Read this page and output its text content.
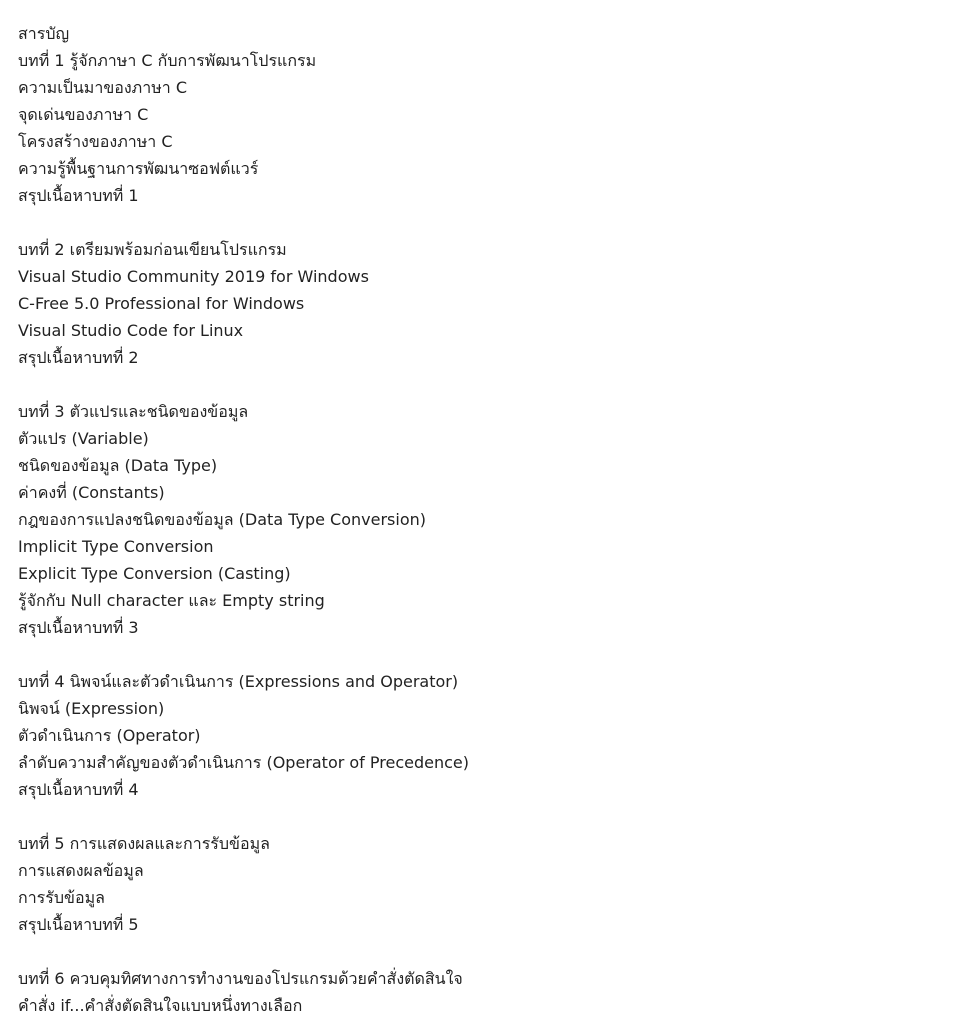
สารบัญ
บทที่ 1 รู้จักภาษา C กับการพัฒนาโปรแกรม
ความเป็นมาของภาษา C
จุดเด่นของภาษา C
โครงสร้างของภาษา C
ความรู้พื้นฐานการพัฒนาซอฟต์แวร์
สรุปเนื้อหาบทที่ 1
บทที่ 2 เตรียมพร้อมก่อนเขียนโปรแกรม
Visual Studio Community 2019 for Windows
C-Free 5.0 Professional for Windows
Visual Studio Code for Linux
สรุปเนื้อหาบทที่ 2
บทที่ 3 ตัวแปรและชนิดของข้อมูล
ตัวแปร (Variable)
ชนิดของข้อมูล (Data Type)
ค่าคงที่ (Constants)
กฎของการแปลงชนิดของข้อมูล (Data Type Conversion)
Implicit Type Conversion
Explicit Type Conversion (Casting)
รู้จักกับ Null character และ Empty string
สรุปเนื้อหาบทที่ 3
บทที่ 4 นิพจน์และตัวดำเนินการ (Expressions and Operator)
นิพจน์ (Expression)
ตัวดำเนินการ (Operator)
ลำดับความสำคัญของตัวดำเนินการ (Operator of Precedence)
สรุปเนื้อหาบทที่ 4
บทที่ 5 การแสดงผลและการรับข้อมูล
การแสดงผลข้อมูล
การรับข้อมูล
สรุปเนื้อหาบทที่ 5
บทที่ 6 ควบคุมทิศทางการทำงานของโปรแกรมด้วยคำสั่งตัดสินใจ
คำสั่ง if...คำสั่งตัดสินใจแบบหนึ่งทางเลือก
